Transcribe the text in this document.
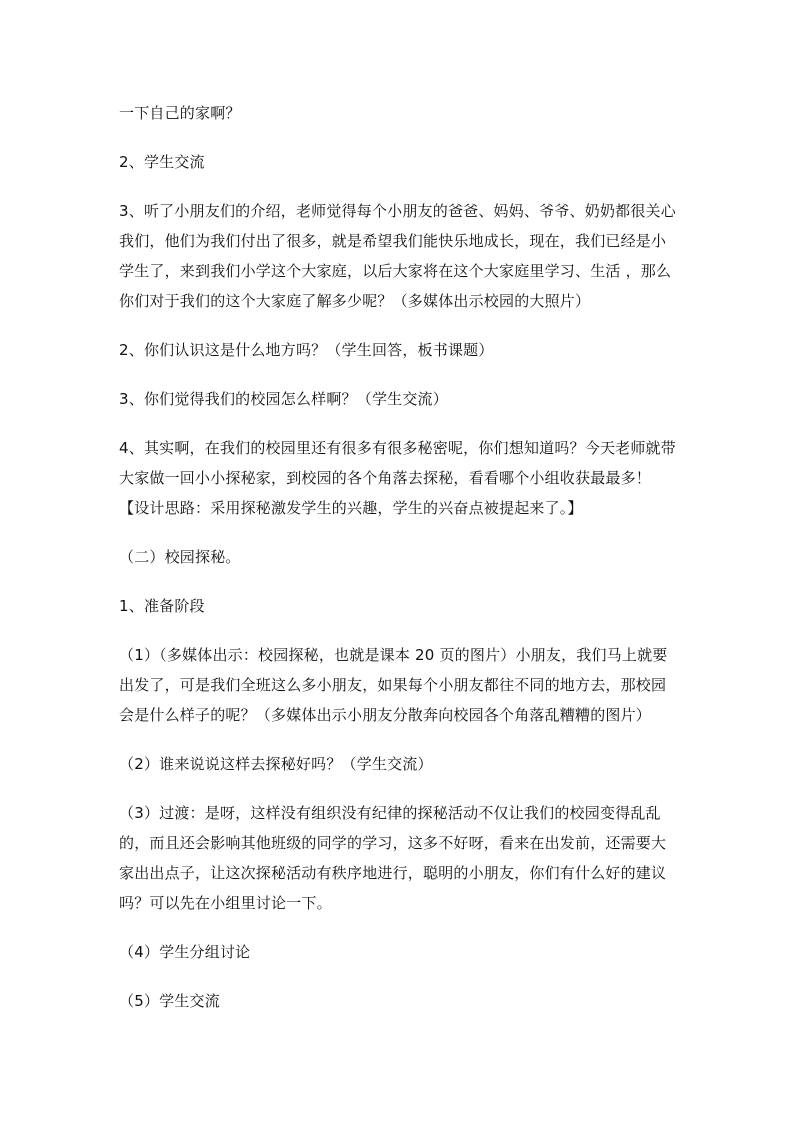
一下自己的家啊？

2、学生交流

3、听了小朋友们的介绍，老师觉得每个小朋友的爸爸、妈妈、爷爷、奶奶都很关心我们，他们为我们付出了很多，就是希望我们能快乐地成长，现在，我们已经是小学生了，来到我们小学这个大家庭，以后大家将在这个大家庭里学习、生活 ，那么你们对于我们的这个大家庭了解多少呢？（多媒体出示校园的大照片）

2、你们认识这是什么地方吗？（学生回答，板书课题）

3、你们觉得我们的校园怎么样啊？（学生交流）

4、其实啊，在我们的校园里还有很多有很多秘密呢，你们想知道吗？今天老师就带大家做一回小小探秘家，到校园的各个角落去探秘，看看哪个小组收获最最多！【设计思路：采用探秘激发学生的兴趣，学生的兴奋点被提起来了。】

（二）校园探秘。

1、准备阶段

（1）（多媒体出示：校园探秘，也就是课本 20 页的图片）小朋友，我们马上就要出发了，可是我们全班这么多小朋友，如果每个小朋友都往不同的地方去，那校园会是什么样子的呢？（多媒体出示小朋友分散奔向校园各个角落乱糟糟的图片）

（2）谁来说说这样去探秘好吗？（学生交流）

（3）过渡：是呀，这样没有组织没有纪律的探秘活动不仅让我们的校园变得乱乱的，而且还会影响其他班级的同学的学习，这多不好呀，看来在出发前，还需要大家出出点子，让这次探秘活动有秩序地进行，聪明的小朋友，你们有什么好的建议吗？可以先在小组里讨论一下。

（4）学生分组讨论

（5）学生交流
